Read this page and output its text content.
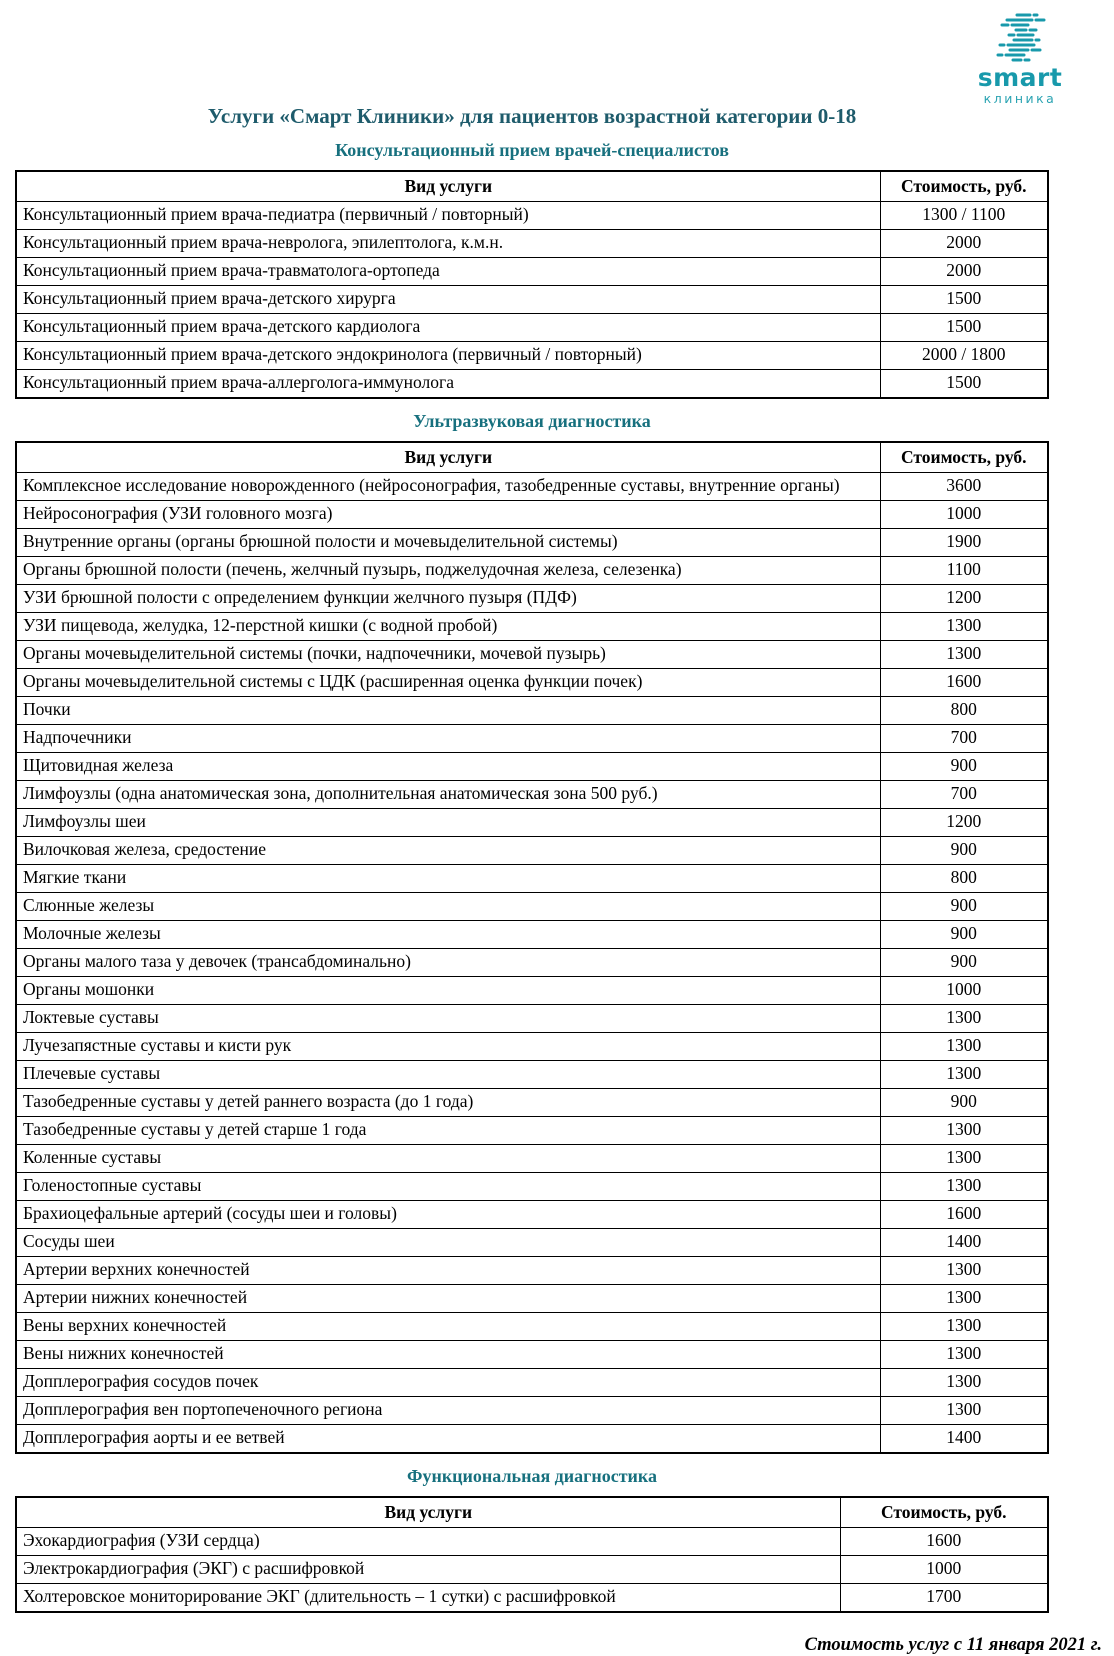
smart
клиника
Услуги «Смарт Клиники» для пациентов возрастной категории 0-18
Консультационный прием врачей-специалистов
Вид услуги	Стоимость, руб.
Консультационный прием врача-педиатра (первичный / повторный)	1300 / 1100
Консультационный прием врача-невролога, эпилептолога, к.м.н.	2000
Консультационный прием врача-травматолога-ортопеда	2000
Консультационный прием врача-детского хирурга	1500
Консультационный прием врача-детского кардиолога	1500
Консультационный прием врача-детского эндокринолога (первичный / повторный)	2000 / 1800
Консультационный прием врача-аллерголога-иммунолога	1500
Ультразвуковая диагностика
Вид услуги	Стоимость, руб.
Комплексное исследование новорожденного (нейросонография, тазобедренные суставы, внутренние органы)	3600
Нейросонография (УЗИ головного мозга)	1000
Внутренние органы (органы брюшной полости и мочевыделительной системы)	1900
Органы брюшной полости (печень, желчный пузырь, поджелудочная железа, селезенка)	1100
УЗИ брюшной полости с определением функции желчного пузыря (ПДФ)	1200
УЗИ пищевода, желудка, 12-перстной кишки (с водной пробой)	1300
Органы мочевыделительной системы (почки, надпочечники, мочевой пузырь)	1300
Органы мочевыделительной системы с ЦДК (расширенная оценка функции почек)	1600
Почки	800
Надпочечники	700
Щитовидная железа	900
Лимфоузлы (одна анатомическая зона, дополнительная анатомическая зона 500 руб.)	700
Лимфоузлы шеи	1200
Вилочковая железа, средостение	900
Мягкие ткани	800
Слюнные железы	900
Молочные железы	900
Органы малого таза у девочек (трансабдоминально)	900
Органы мошонки	1000
Локтевые суставы	1300
Лучезапястные суставы и кисти рук	1300
Плечевые суставы	1300
Тазобедренные суставы у детей раннего возраста (до 1 года)	900
Тазобедренные суставы у детей старше 1 года	1300
Коленные суставы	1300
Голеностопные суставы	1300
Брахиоцефальные артерий (сосуды шеи и головы)	1600
Сосуды шеи	1400
Артерии верхних конечностей	1300
Артерии нижних конечностей	1300
Вены верхних конечностей	1300
Вены нижних конечностей	1300
Допплерография сосудов почек	1300
Допплерография вен портопеченочного региона	1300
Допплерография аорты и ее ветвей	1400
Функциональная диагностика
Вид услуги	Стоимость, руб.
Эхокардиография (УЗИ сердца)	1600
Электрокардиография (ЭКГ) с расшифровкой	1000
Холтеровское мониторирование ЭКГ (длительность – 1 сутки) с расшифровкой	1700
Стоимость услуг с 11 января 2021 г.
